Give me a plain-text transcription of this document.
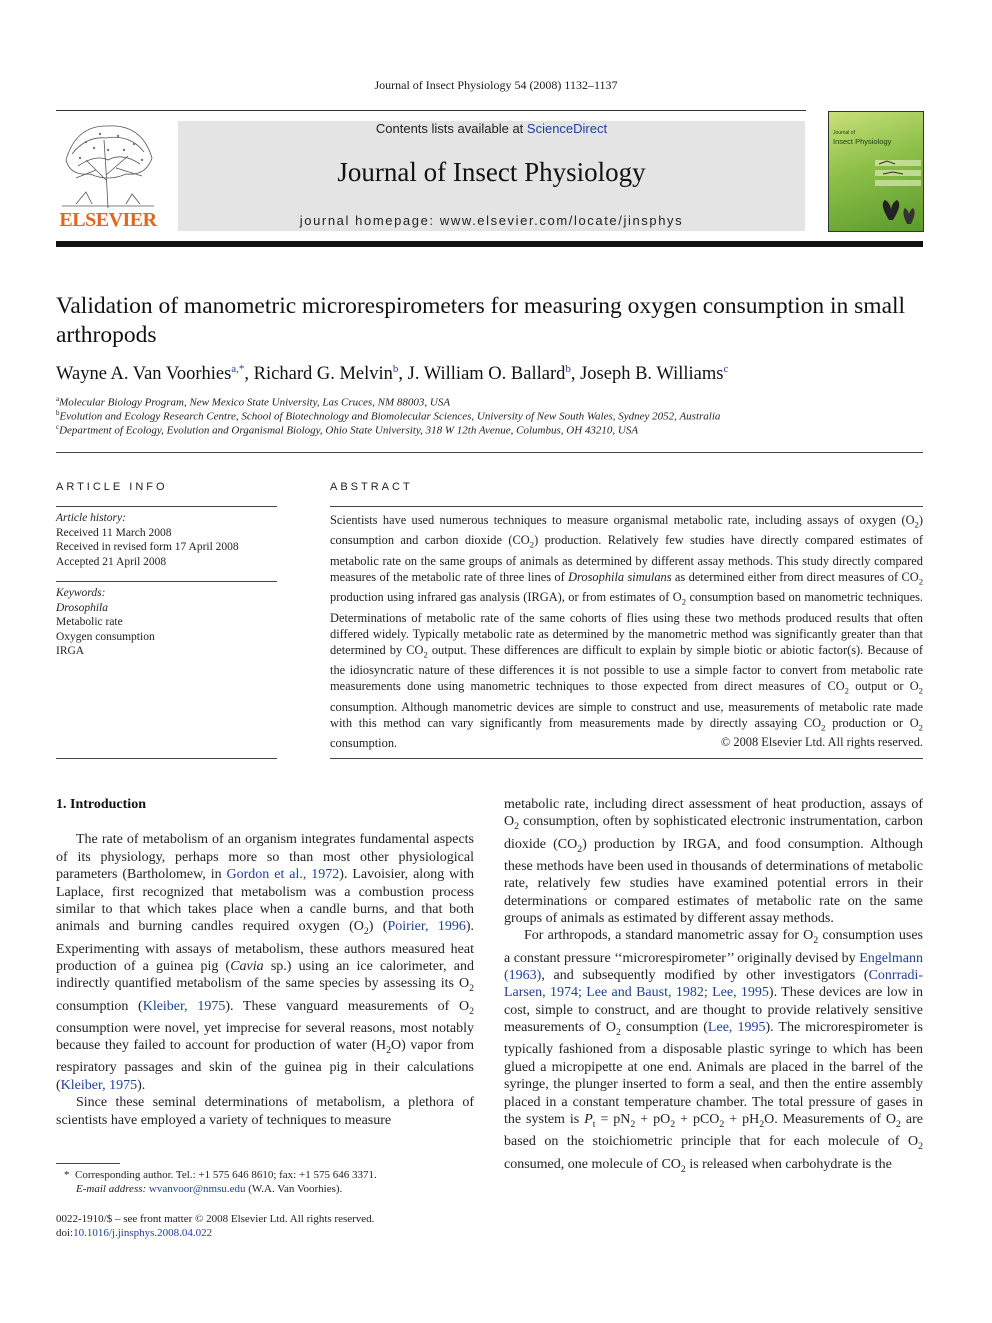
Journal of Insect Physiology 54 (2008) 1132–1137
ELSEVIER
Contents lists available at ScienceDirect
Journal of Insect Physiology
journal homepage: www.elsevier.com/locate/jinsphys
Journal of
Insect Physiology
Validation of manometric microrespirometers for measuring oxygen consumption in small arthropods
Wayne A. Van Voorhies$^{a,*}$, Richard G. Melvin$^b$, J. William O. Ballard$^b$, Joseph B. Williams$^c$
$^a$Molecular Biology Program, New Mexico State University, Las Cruces, NM 88003, USA
$^b$Evolution and Ecology Research Centre, School of Biotechnology and Biomolecular Sciences, University of New South Wales, Sydney 2052, Australia
$^c$Department of Ecology, Evolution and Organismal Biology, Ohio State University, 318 W 12th Avenue, Columbus, OH 43210, USA
ARTICLE INFO
Article history:
Received 11 March 2008
Received in revised form 17 April 2008
Accepted 21 April 2008
Keywords:
Drosophila
Metabolic rate
Oxygen consumption
IRGA
ABSTRACT
Scientists have used numerous techniques to measure organismal metabolic rate, including assays of oxygen $(O_2)$ consumption and carbon dioxide $(CO_2)$ production. Relatively few studies have directly compared estimates of metabolic rate on the same groups of animals as determined by different assay methods. This study directly compared measures of the metabolic rate of three lines of Drosophila simulans as determined either from direct measures of $CO_2$ production using infrared gas analysis (IRGA), or from estimates of $O_2$ consumption based on manometric techniques. Determinations of metabolic rate of the same cohorts of flies using these two methods produced results that often differed widely. Typically metabolic rate as determined by the manometric method was significantly greater than that determined by $CO_2$ output. These differences are difficult to explain by simple biotic or abiotic factor(s). Because of the idiosyncratic nature of these differences it is not possible to use a simple factor to convert from metabolic rate measurements done using manometric techniques to those expected from direct measures of $CO_2$ output or $O_2$ consumption. Although manometric devices are simple to construct and use, measurements of metabolic rate made with this method can vary significantly from measurements made by directly assaying $CO_2$ production or $O_2$ consumption.	© 2008 Elsevier Ltd. All rights reserved.
1. Introduction

The rate of metabolism of an organism integrates fundamental aspects of its physiology, perhaps more so than most other physiological parameters (Bartholomew, in Gordon et al., 1972). Lavoisier, along with Laplace, first recognized that metabolism was a combustion process similar to that which takes place when a candle burns, and that both animals and burning candles required oxygen $(O_2)$ (Poirier, 1996). Experimenting with assays of metabolism, these authors measured heat production of a guinea pig (Cavia sp.) using an ice calorimeter, and indirectly quantified metabolism of the same species by assessing its $O_2$ consumption (Kleiber, 1975). These vanguard measurements of $O_2$ consumption were novel, yet imprecise for several reasons, most notably because they failed to account for production of water $(H_2O)$ vapor from respiratory passages and skin of the guinea pig in their calculations (Kleiber, 1975).

Since these seminal determinations of metabolism, a plethora of scientists have employed a variety of techniques to measure

metabolic rate, including direct assessment of heat production, assays of $O_2$ consumption, often by sophisticated electronic instrumentation, carbon dioxide $(CO_2)$ production by IRGA, and food consumption. Although these methods have been used in thousands of determinations of metabolic rate, relatively few studies have examined potential errors in their determinations or compared estimates of metabolic rate on the same groups of animals as estimated by different assay methods.

For arthropods, a standard manometric assay for $O_2$ consumption uses a constant pressure ‘‘microrespirometer’’ originally devised by Engelmann (1963), and subsequently modified by other investigators (Conrradi-Larsen, 1974; Lee and Baust, 1982; Lee, 1995). These devices are low in cost, simple to construct, and are thought to provide relatively sensitive measurements of $O_2$ consumption (Lee, 1995). The microrespirometer is typically fashioned from a disposable plastic syringe to which has been glued a micropipette at one end. Animals are placed in the barrel of the syringe, the plunger inserted to form a seal, and then the entire assembly placed in a constant temperature chamber. The total pressure of gases in the system is $P_t = pN_2 + pO_2 + pCO_2 + pH_2O$. Measurements of $O_2$ are based on the stoichiometric principle that for each molecule of $O_2$ consumed, one molecule of $CO_2$ is released when carbohydrate is the

*  Corresponding author. Tel.: +1 575 646 8610; fax: +1 575 646 3371.
E-mail address: wvanvoor@nmsu.edu (W.A. Van Voorhies).
0022-1910/$ – see front matter © 2008 Elsevier Ltd. All rights reserved.
doi:10.1016/j.jinsphys.2008.04.022
